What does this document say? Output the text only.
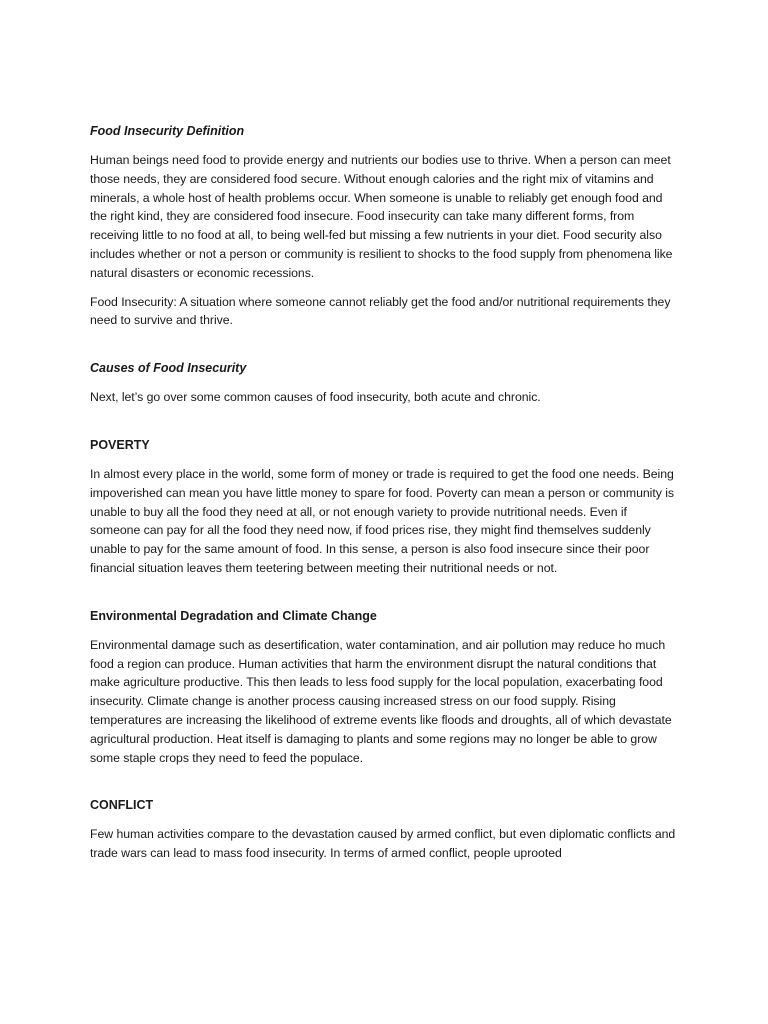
Food Insecurity Definition

Human beings need food to provide energy and nutrients our bodies use to thrive. When a person can meet those needs, they are considered food secure. Without enough calories and the right mix of vitamins and minerals, a whole host of health problems occur. When someone is unable to reliably get enough food and the right kind, they are considered food insecure. Food insecurity can take many different forms, from receiving little to no food at all, to being well-fed but missing a few nutrients in your diet. Food security also includes whether or not a person or community is resilient to shocks to the food supply from phenomena like natural disasters or economic recessions.

Food Insecurity: A situation where someone cannot reliably get the food and/or nutritional requirements they need to survive and thrive.

Causes of Food Insecurity

Next, let’s go over some common causes of food insecurity, both acute and chronic.

POVERTY

In almost every place in the world, some form of money or trade is required to get the food one needs. Being impoverished can mean you have little money to spare for food. Poverty can mean a person or community is unable to buy all the food they need at all, or not enough variety to provide nutritional needs. Even if someone can pay for all the food they need now, if food prices rise, they might find themselves suddenly unable to pay for the same amount of food. In this sense, a person is also food insecure since their poor financial situation leaves them teetering between meeting their nutritional needs or not.

Environmental Degradation and Climate Change

Environmental damage such as desertification, water contamination, and air pollution may reduce ho much food a region can produce. Human activities that harm the environment disrupt the natural conditions that make agriculture productive. This then leads to less food supply for the local population, exacerbating food insecurity. Climate change is another process causing increased stress on our food supply. Rising temperatures are increasing the likelihood of extreme events like floods and droughts, all of which devastate agricultural production. Heat itself is damaging to plants and some regions may no longer be able to grow some staple crops they need to feed the populace.

CONFLICT

Few human activities compare to the devastation caused by armed conflict, but even diplomatic conflicts and trade wars can lead to mass food insecurity. In terms of armed conflict, people uprooted
